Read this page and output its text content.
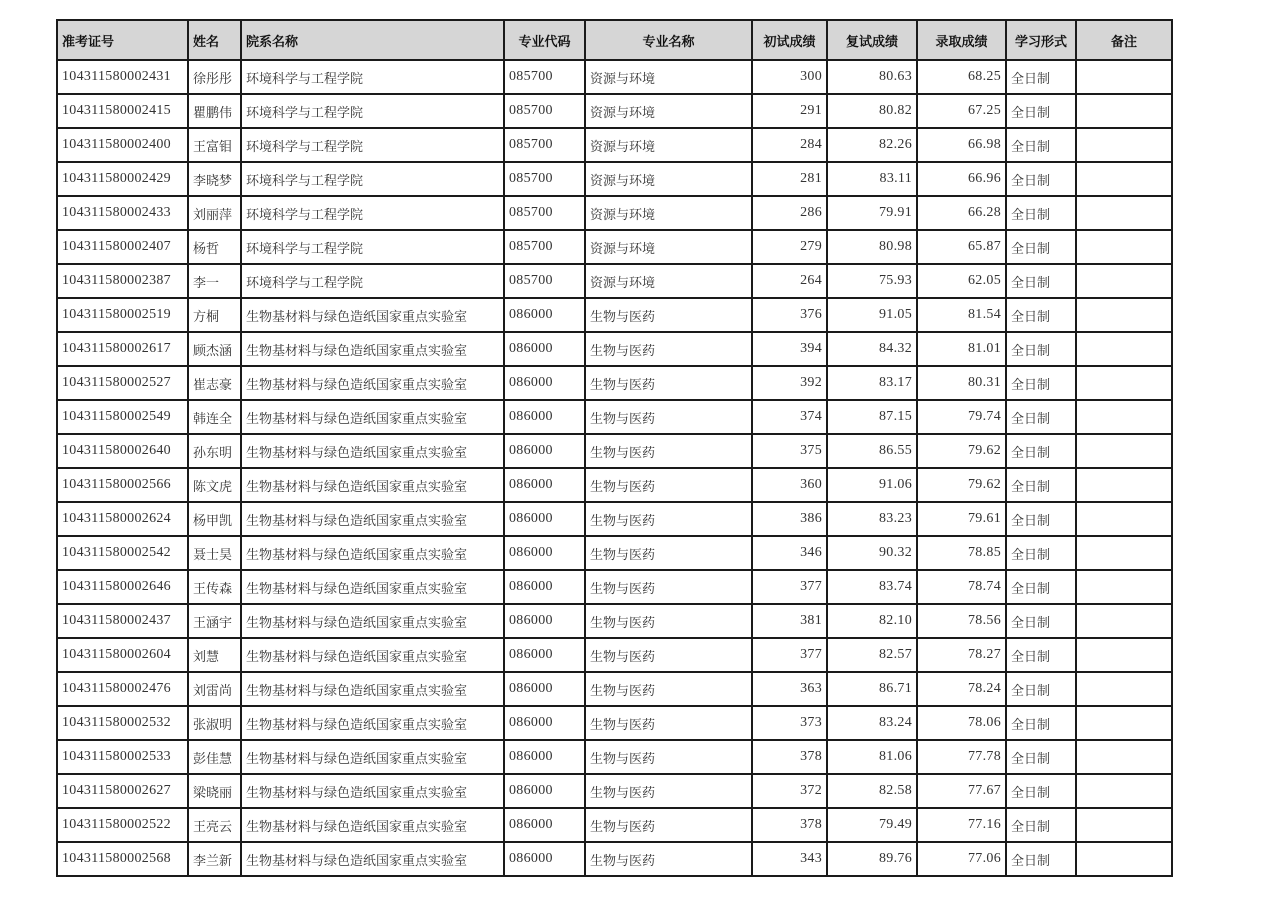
准考证号	姓名	院系名称	专业代码	专业名称	初试成绩	复试成绩	录取成绩	学习形式	备注
104311580002431	徐彤彤	环境科学与工程学院	085700	资源与环境	300	80.63	68.25	全日制	
104311580002415	瞿鹏伟	环境科学与工程学院	085700	资源与环境	291	80.82	67.25	全日制	
104311580002400	王富钼	环境科学与工程学院	085700	资源与环境	284	82.26	66.98	全日制	
104311580002429	李晓梦	环境科学与工程学院	085700	资源与环境	281	83.11	66.96	全日制	
104311580002433	刘丽萍	环境科学与工程学院	085700	资源与环境	286	79.91	66.28	全日制	
104311580002407	杨哲	环境科学与工程学院	085700	资源与环境	279	80.98	65.87	全日制	
104311580002387	李一	环境科学与工程学院	085700	资源与环境	264	75.93	62.05	全日制	
104311580002519	方桐	生物基材料与绿色造纸国家重点实验室	086000	生物与医药	376	91.05	81.54	全日制	
104311580002617	顾杰涵	生物基材料与绿色造纸国家重点实验室	086000	生物与医药	394	84.32	81.01	全日制	
104311580002527	崔志豪	生物基材料与绿色造纸国家重点实验室	086000	生物与医药	392	83.17	80.31	全日制	
104311580002549	韩连全	生物基材料与绿色造纸国家重点实验室	086000	生物与医药	374	87.15	79.74	全日制	
104311580002640	孙东明	生物基材料与绿色造纸国家重点实验室	086000	生物与医药	375	86.55	79.62	全日制	
104311580002566	陈文虎	生物基材料与绿色造纸国家重点实验室	086000	生物与医药	360	91.06	79.62	全日制	
104311580002624	杨甲凯	生物基材料与绿色造纸国家重点实验室	086000	生物与医药	386	83.23	79.61	全日制	
104311580002542	聂士昊	生物基材料与绿色造纸国家重点实验室	086000	生物与医药	346	90.32	78.85	全日制	
104311580002646	王传森	生物基材料与绿色造纸国家重点实验室	086000	生物与医药	377	83.74	78.74	全日制	
104311580002437	王涵宇	生物基材料与绿色造纸国家重点实验室	086000	生物与医药	381	82.10	78.56	全日制	
104311580002604	刘慧	生物基材料与绿色造纸国家重点实验室	086000	生物与医药	377	82.57	78.27	全日制	
104311580002476	刘雷尚	生物基材料与绿色造纸国家重点实验室	086000	生物与医药	363	86.71	78.24	全日制	
104311580002532	张淑明	生物基材料与绿色造纸国家重点实验室	086000	生物与医药	373	83.24	78.06	全日制	
104311580002533	彭佳慧	生物基材料与绿色造纸国家重点实验室	086000	生物与医药	378	81.06	77.78	全日制	
104311580002627	梁晓丽	生物基材料与绿色造纸国家重点实验室	086000	生物与医药	372	82.58	77.67	全日制	
104311580002522	王亮云	生物基材料与绿色造纸国家重点实验室	086000	生物与医药	378	79.49	77.16	全日制	
104311580002568	李兰新	生物基材料与绿色造纸国家重点实验室	086000	生物与医药	343	89.76	77.06	全日制	
